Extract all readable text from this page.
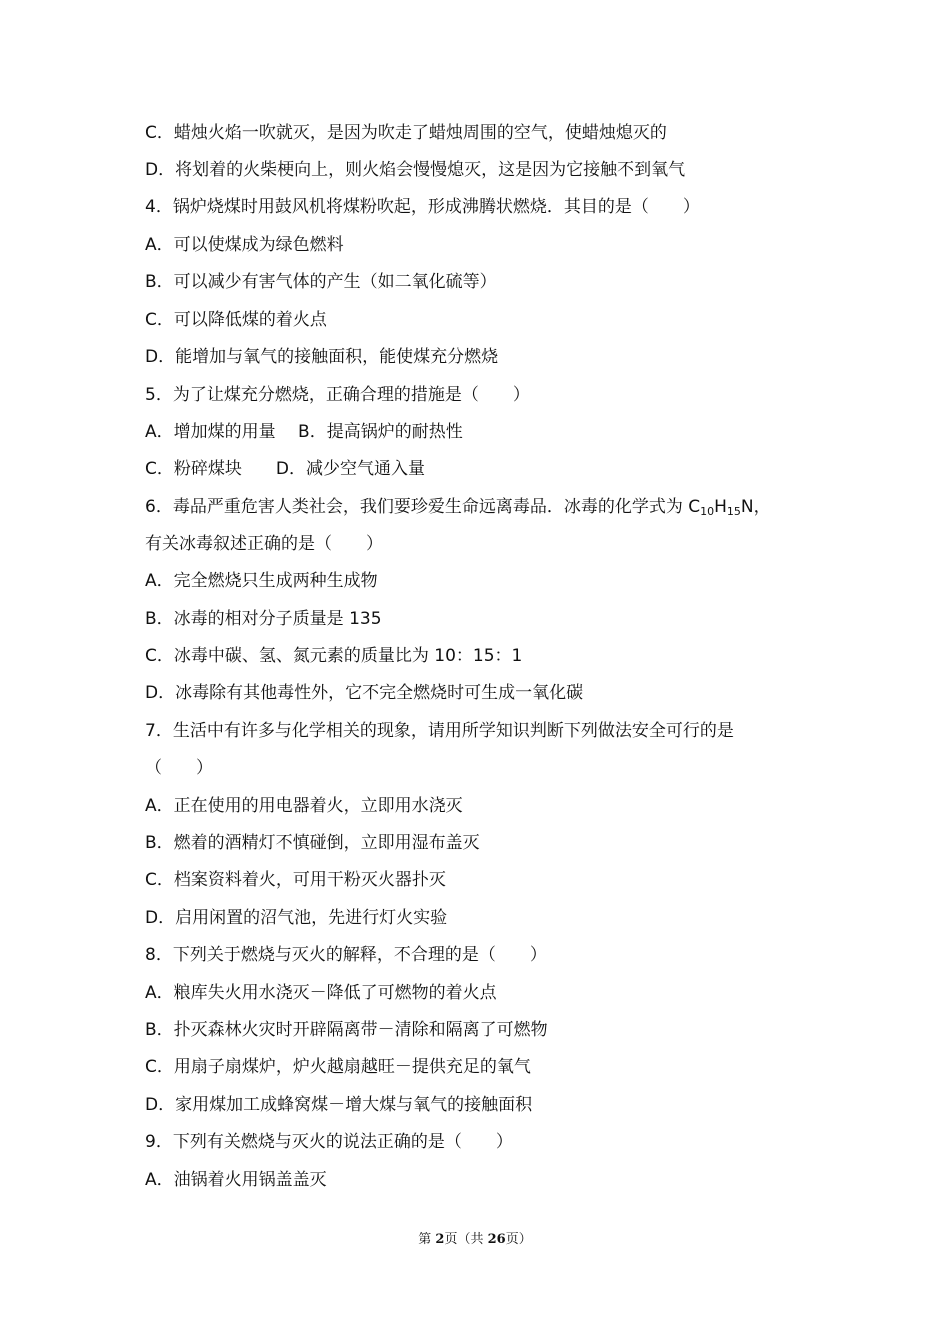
C．蜡烛火焰一吹就灭，是因为吹走了蜡烛周围的空气，使蜡烛熄灭的
D．将划着的火柴梗向上，则火焰会慢慢熄灭，这是因为它接触不到氧气
4．锅炉烧煤时用鼓风机将煤粉吹起，形成沸腾状燃烧．其目的是（　　）
A．可以使煤成为绿色燃料
B．可以减少有害气体的产生（如二氧化硫等）
C．可以降低煤的着火点
D．能增加与氧气的接触面积，能使煤充分燃烧
5．为了让煤充分燃烧，正确合理的措施是（　　）
A．增加煤的用量　 B．提高锅炉的耐热性
C．粉碎煤块　　D．减少空气通入量
6．毒品严重危害人类社会，我们要珍爱生命远离毒品．冰毒的化学式为 $C_{10}H_{15}N$，
有关冰毒叙述正确的是（　　）
A．完全燃烧只生成两种生成物
B．冰毒的相对分子质量是 135
C．冰毒中碳、氢、氮元素的质量比为 10：15：1
D．冰毒除有其他毒性外，它不完全燃烧时可生成一氧化碳
7．生活中有许多与化学相关的现象，请用所学知识判断下列做法安全可行的是
（　　）
A．正在使用的用电器着火，立即用水浇灭
B．燃着的酒精灯不慎碰倒，立即用湿布盖灭
C．档案资料着火，可用干粉灭火器扑灭
D．启用闲置的沼气池，先进行灯火实验
8．下列关于燃烧与灭火的解释，不合理的是（　　）
A．粮库失火用水浇灭－降低了可燃物的着火点
B．扑灭森林火灾时开辟隔离带－清除和隔离了可燃物
C．用扇子扇煤炉，炉火越扇越旺－提供充足的氧气
D．家用煤加工成蜂窝煤－增大煤与氧气的接触面积
9．下列有关燃烧与灭火的说法正确的是（　　）
A．油锅着火用锅盖盖灭
第 2页（共 26页）
